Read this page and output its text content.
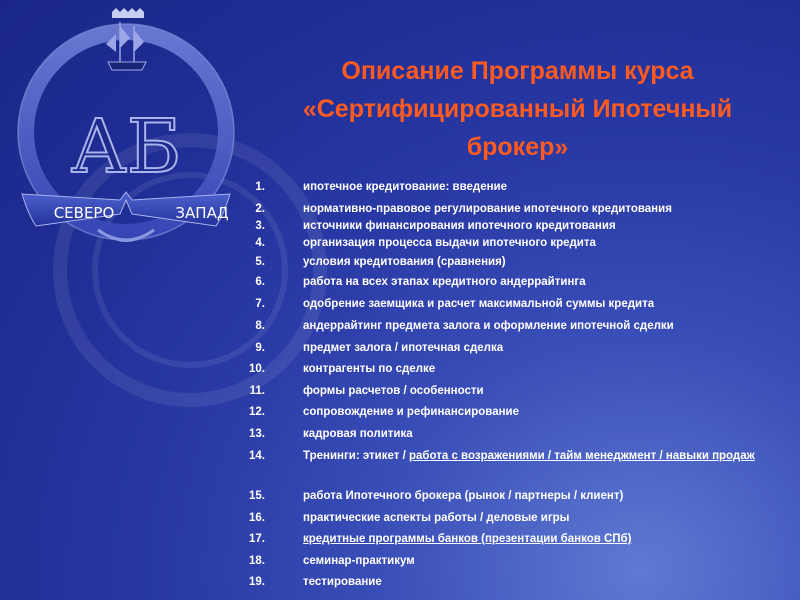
АБ
СЕВЕРО	ЗАПАД
Описание Программы курса
«Сертифицированный Ипотечный
брокер»
1.	ипотечное кредитование: введение
2.	нормативно-правовое регулирование ипотечного кредитования
3.	источники финансирования ипотечного кредитования
4.	организация процесса выдачи ипотечного кредита
5.	условия кредитования (сравнения)
6.	работа на всех этапах кредитного андеррайтинга
7.	одобрение заемщика и расчет максимальной суммы кредита
8.	андеррайтинг предмета залога и оформление ипотечной сделки
9.	предмет залога / ипотечная сделка
10.	контрагенты по сделке
11.	формы расчетов / особенности
12.	сопровождение и рефинансирование
13.	кадровая политика
14.	Тренинги: этикет / работа с возражениями / тайм менеджмент / навыки продаж
15.	работа Ипотечного брокера (рынок / партнеры / клиент)
16.	практические аспекты работы / деловые игры
17.	кредитные программы банков (презентации банков СПб)
18.	семинар-практикум
19.	тестирование
